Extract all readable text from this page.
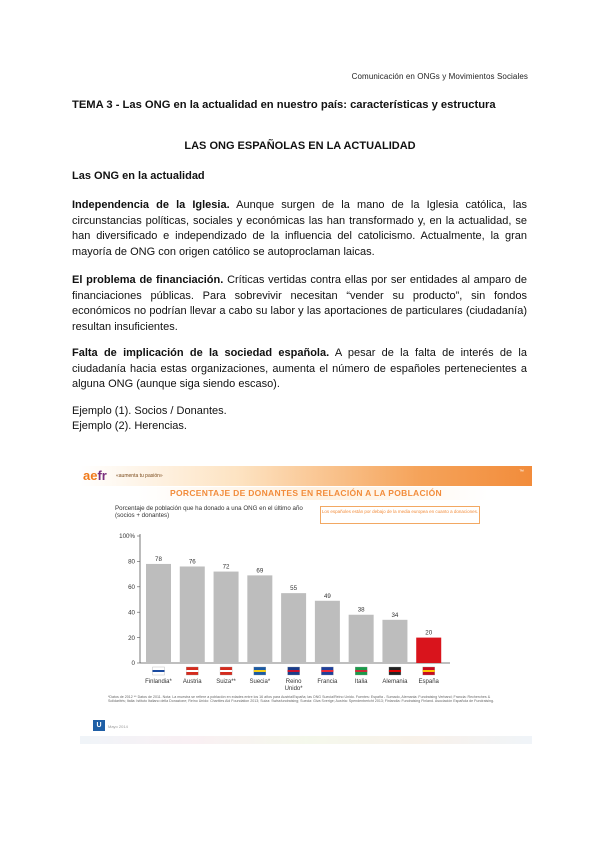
Comunicación en ONGs y Movimientos Sociales
TEMA 3 - Las ONG en la actualidad en nuestro país: características y estructura
LAS ONG ESPAÑOLAS EN LA ACTUALIDAD
Las ONG en la actualidad
Independencia de la Iglesia. Aunque surgen de la mano de la Iglesia católica, las circunstancias políticas, sociales y económicas las han transformado y, en la actualidad, se han diversificado e independizado de la influencia del catolicismo. Actualmente, la gran mayoría de ONG con origen católico se autoproclaman laicas.
El problema de financiación. Críticas vertidas contra ellas por ser entidades al amparo de financiaciones públicas. Para sobrevivir necesitan “vender su producto”, sin fondos económicos no podrían llevar a cabo su labor y las aportaciones de particulares (ciudadanía) resultan insuficientes.
Falta de implicación de la sociedad española. A pesar de la falta de interés de la ciudadanía hacia estas organizaciones, aumenta el número de españoles pertenecientes a alguna ONG (aunque siga siendo escaso).
Ejemplo (1). Socios / Donantes.
Ejemplo (2). Herencias.
aefr «aumenta tu pasión»
™
PORCENTAJE DE DONANTES EN RELACIÓN A LA POBLACIÓN
Porcentaje de población que ha donado a una ONG en el último año (socios + donantes)
Los españoles están por debajo de la media europea en cuanto a donaciones.
0
20
40
60
80
100%
78
Finlandia*
76
Austria
72
Suiza**
69
Suecia*
55
Reino
Unido*
49
Francia
38
Italia
34
Alemania
20
España
*Datos de 2012 ** Datos de 2011. Nota: La muestra se refiere a población en edades entre los 16 años para Austria/España; las ONG Suecia/Reino Unido. Fuentes: España - Sumado, Alemania: Fundraising Verband; Francia: Recherches & Solidarités; Italia: Istituto Italiano della Donazione; Reino Unido: Charities Aid Foundation 2013; Suiza: Swissfundraising; Suecia: Giva Sverige; Austria: Spendenbericht 2013; Finlandia: Fundraising Finland. Asociación Española de Fundraising.
U	Mayo 2014
